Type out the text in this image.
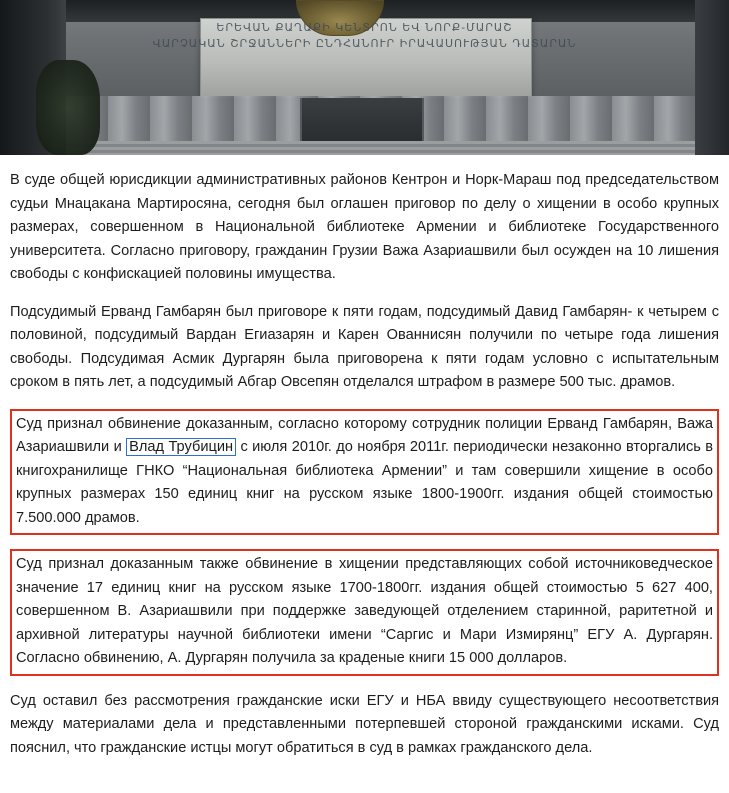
ԵՐԵՎԱՆ ՔԱՂԱՔԻ ԿԵՆՏՐՈՆ ԵՎ ՆՈՐՔ-ՄԱՐԱՇ
ՎԱՐՉԱԿԱՆ ՇՐՋԱՆՆԵՐԻ ԸՆԴՀԱՆՈՒՐ ԻՐԱՎԱՍՈՒԹՅԱՆ ԴԱՏԱՐԱՆ

В суде общей юрисдикции административных районов Кентрон и Норк-Мараш под председательством судьи Мнацакана Мартиросяна, сегодня был оглашен приговор по делу о хищении в особо крупных размерах, совершенном в Национальной библиотеке Армении и библиотеке Государственного университета. Согласно приговору, гражданин Грузии Важа Азариашвили был осужден на 10 лишения свободы с конфискацией половины имущества.

Подсудимый Ерванд Гамбарян был приговоре к пяти годам, подсудимый Давид Гамбарян- к четырем с половиной, подсудимый Вардан Егиазарян и Карен Ованнисян получили по четыре года лишения свободы. Подсудимая Асмик Дургарян была приговорена к пяти годам условно с испытательным сроком в пять лет, а подсудимый Абгар Овсепян отделался штрафом в размере 500 тыс. драмов.

Суд признал обвинение доказанным, согласно которому сотрудник полиции Ерванд Гамбарян, Важа Азариашвили и Влад Трубицин с июля 2010г. до ноября 2011г. периодически незаконно вторгались в книгохранилище ГНКО “Национальная библиотека Армении” и там совершили хищение в особо крупных размерах 150 единиц книг на русском языке 1800-1900гг. издания общей стоимостью 7.500.000 драмов.

Суд признал доказанным также обвинение в хищении представляющих собой источниковедческое значение 17 единиц книг на русском языке 1700-1800гг. издания общей стоимостью 5 627 400, совершенном В. Азариашвили при поддержке заведующей отделением старинной, раритетной и архивной литературы научной библиотеки имени “Саргис и Мари Измирянц” ЕГУ А. Дургарян. Согласно обвинению, А. Дургарян получила за краденые книги 15 000 долларов.

Суд оставил без рассмотрения гражданские иски ЕГУ и НБА ввиду существующего несоответствия между материалами дела и представленными потерпевшей стороной гражданскими исками. Суд пояснил, что гражданские истцы могут обратиться в суд в рамках гражданского дела.
